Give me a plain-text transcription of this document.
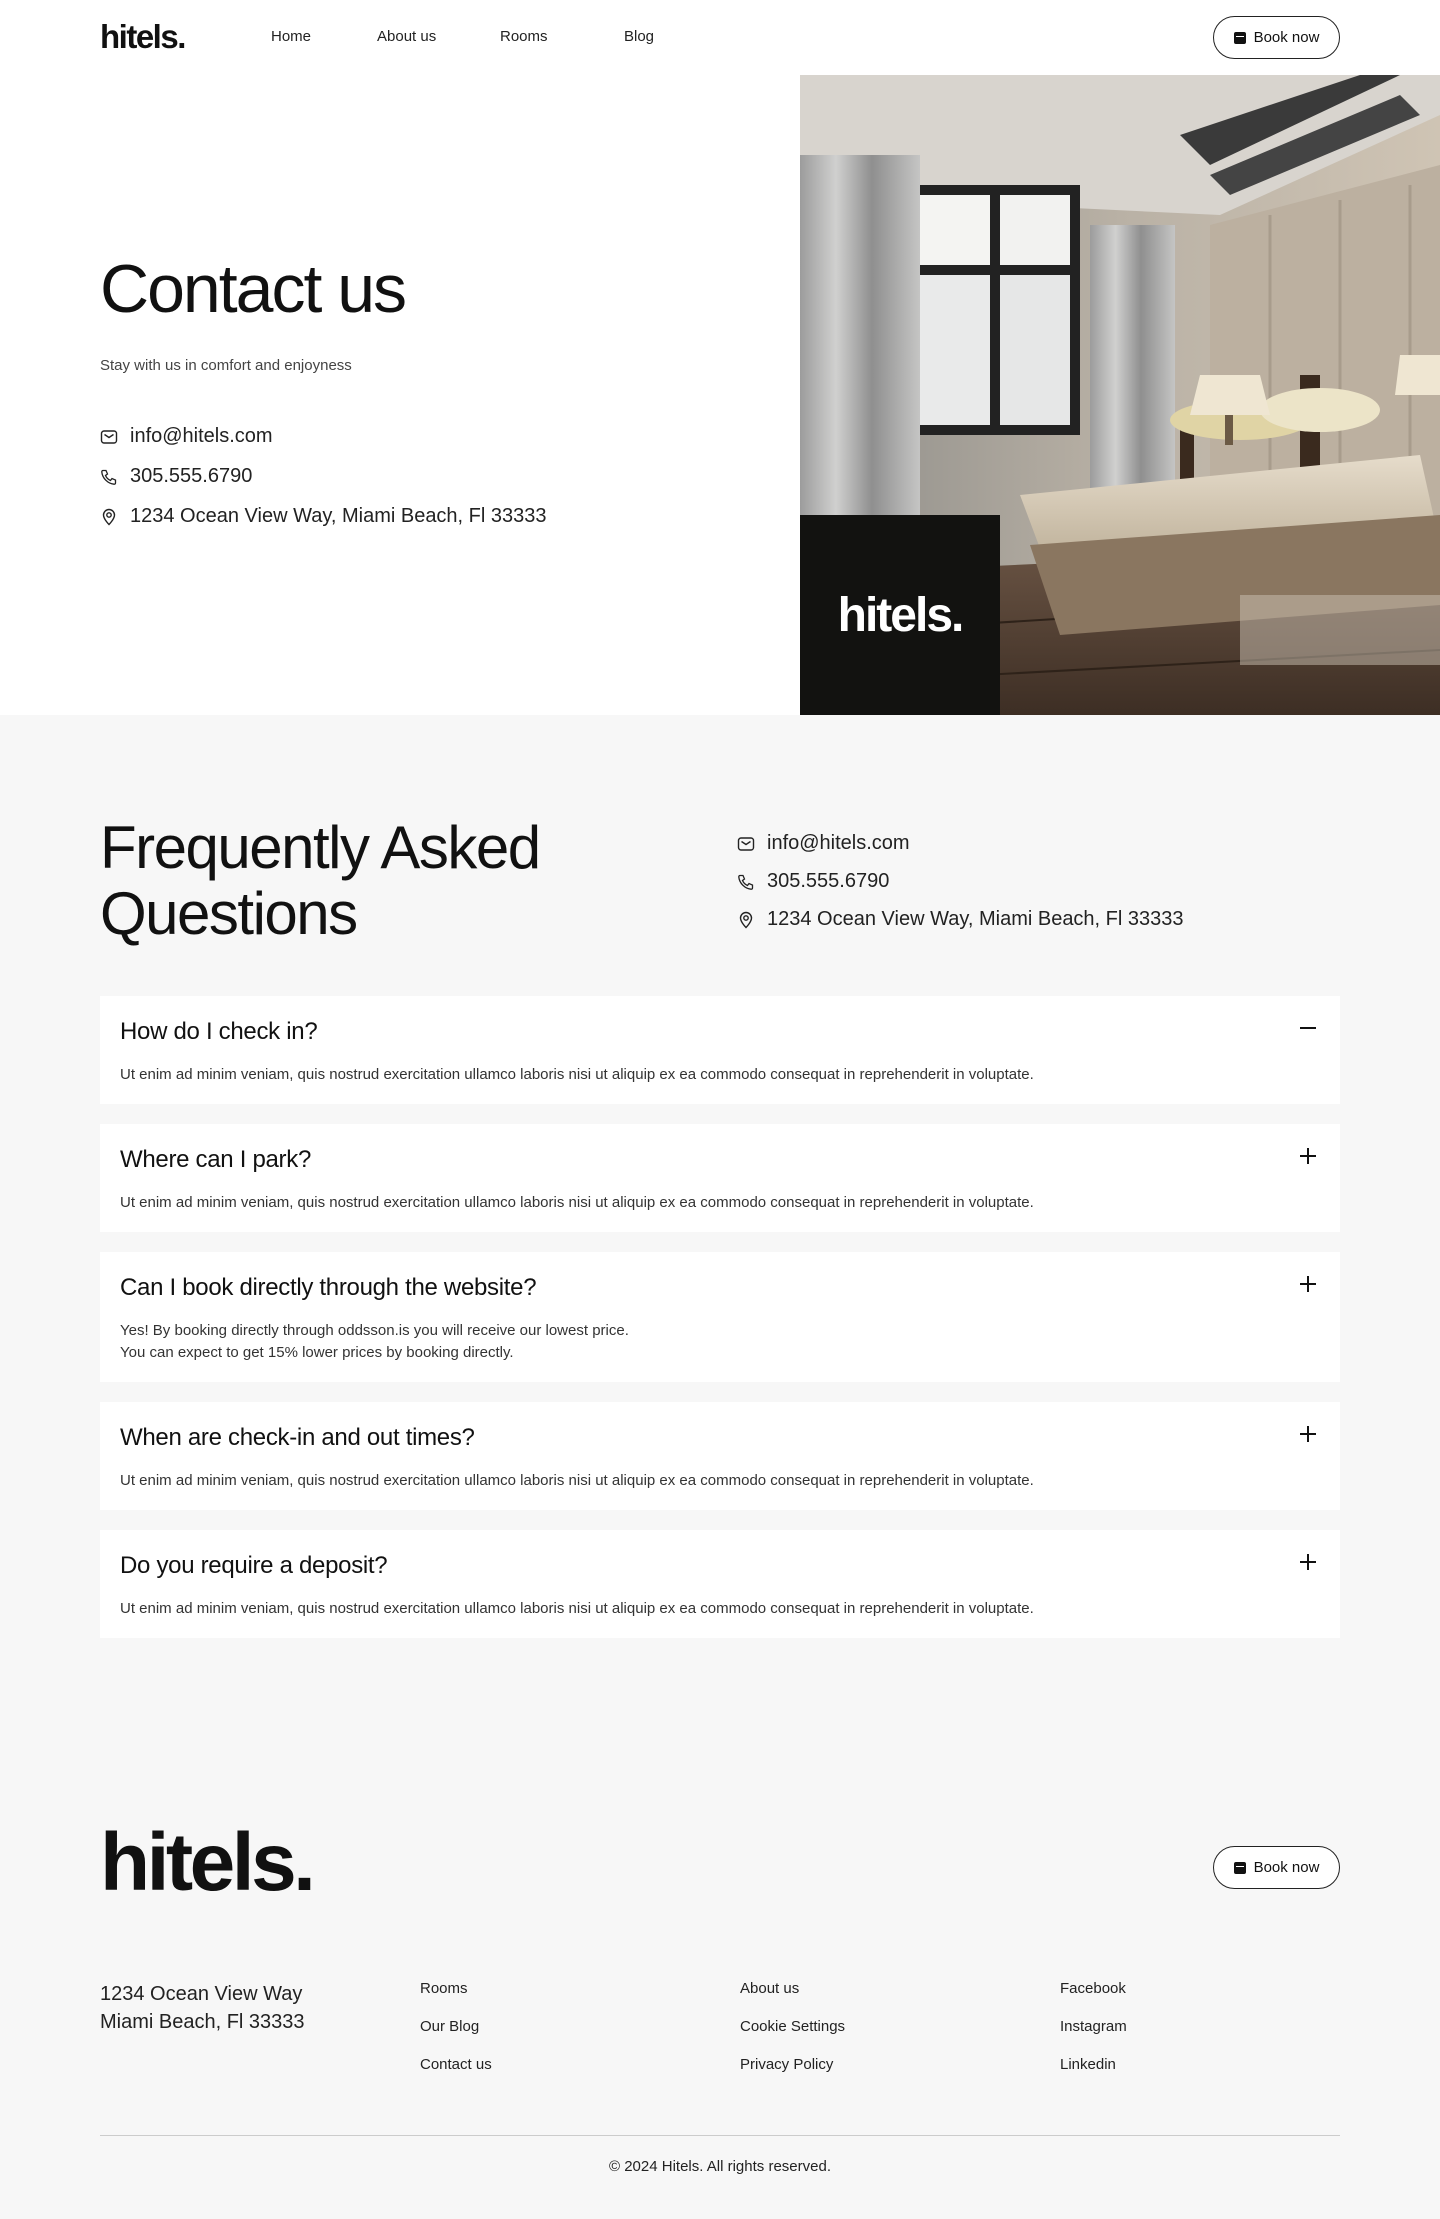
hitels.	Home	About us	Rooms	Blog	Book now
Contact us

Stay with us in comfort and enjoyness

info@hitels.com
305.555.6790
1234 Ocean View Way, Miami Beach, Fl 33333
hitels.
Frequently Asked
Questions
info@hitels.com
305.555.6790
1234 Ocean View Way, Miami Beach, Fl 33333
How do I check in?
Ut enim ad minim veniam, quis nostrud exercitation ullamco laboris nisi ut aliquip ex ea commodo consequat in reprehenderit in voluptate.
Where can I park?
Ut enim ad minim veniam, quis nostrud exercitation ullamco laboris nisi ut aliquip ex ea commodo consequat in reprehenderit in voluptate.
Can I book directly through the website?
Yes! By booking directly through oddsson.is you will receive our lowest price.
You can expect to get 15% lower prices by booking directly.
When are check-in and out times?
Ut enim ad minim veniam, quis nostrud exercitation ullamco laboris nisi ut aliquip ex ea commodo consequat in reprehenderit in voluptate.
Do you require a deposit?
Ut enim ad minim veniam, quis nostrud exercitation ullamco laboris nisi ut aliquip ex ea commodo consequat in reprehenderit in voluptate.
hitels.	Book now
1234 Ocean View Way
Miami Beach, Fl 33333
Rooms
Our Blog
Contact us
About us
Cookie Settings
Privacy Policy
Facebook
Instagram
Linkedin
© 2024 Hitels. All rights reserved.
